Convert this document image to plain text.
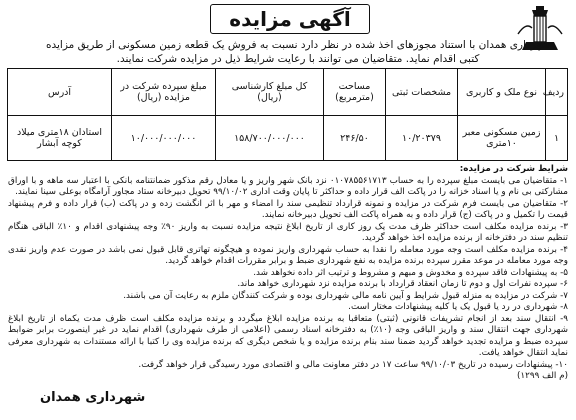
آگهی مزایده
شهرداری همدان با استناد مجوزهای اخذ شده در نظر دارد نسبت به فروش یک قطعه زمین مسکونی از طریق مزایده کتبی اقدام نماید. متقاضیان می توانند با رعایت شرایط ذیل در مزایده شرکت نمایند.
ردیف	نوع ملک و کاربری	مشخصات ثبتی	مساحت (مترمربع)	کل مبلغ کارشناسی (ریال)	مبلغ سپرده شرکت در مزایده (ریال)	آدرس
۱	زمین مسکونی معبر ۱۰متری	۱۰/۲۰۳۷۹	۲۴۶/۵۰	۱۵۸/۷۰۰/۰۰۰/۰۰۰	۱۰/۰۰۰/۰۰۰/۰۰۰	استادان ۱۸متری میلاد کوچه آبشار

شرایط شرکت در مزایده:

۱- متقاضیان می بایست مبلغ سپرده را به حساب ۰۱۰۷۸۵۵۶۱۷۱۳ نزد بانک شهر واریز و یا معادل رقم مذکور ضمانتنامه بانکی با اعتبار سه ماهه و با اوراق مشارکتی بی نام و یا اسناد خزانه را در پاکت الف قرار داده و حداکثر تا پایان وقت اداری ۹۹/۱۰/۰۲ تحویل دبیرخانه ستاد مجاور آرامگاه بوعلی سینا نمایند.

۲- متقاضیان می بایست فرم شرکت در مزایده و نمونه قرارداد تنظیمی سند را امضاء و مهر با اثر انگشت زده و در پاکت (ب) قرار داده و فرم پیشنهاد قیمت را تکمیل و در پاکت (ج) قرار داده و به همراه پاکت الف تحویل دبیرخانه نمایند.

۳- برنده مزایده مکلف است حداکثر ظرف مدت یک روز کاری از تاریخ ابلاغ نتیجه مزایده نسبت به واریز ۹۰٪ وجه پیشنهادی اقدام و ۱۰٪ الباقی هنگام تنظیم سند در دفترخانه از برنده مزایده اخذ خواهد گردید.

۴- برنده مزایده مکلف است وجه مورد معامله را نقدا به حساب شهرداری واریز نموده و هیچگونه تهاتری قابل قبول نمی باشد در صورت عدم واریز نقدی وجه مورد معامله در موعد مقرر سپرده برنده مزایده به نفع شهرداری ضبط و برابر مقررات اقدام خواهد گردید.

۵- به پیشنهادات فاقد سپرده و مخدوش و مبهم و مشروط و ترتیب اثر داده نخواهد شد.

۶- سپرده نفرات اول و دوم تا زمان انعقاد قرارداد با برنده مزایده نزد شهرداری خواهد ماند.

۷- شرکت در مزایده به منزله قبول شرایط و آیین نامه مالی شهرداری بوده و شرکت کنندگان ملزم به رعایت آن می باشند.

۸- شهرداری در رد یا قبول یک یا کلیه پیشنهادات مختار است.

۹- انتقال سند بعد از انجام تشریفات قانونی (ثبتی) متعاقبا به برنده مزایده ابلاغ میگردد و برنده مزایده مکلف است ظرف مدت یکماه از تاریخ ابلاغ شهرداری جهت انتقال سند و واریز الباقی وجه (۱۰٪) به دفترخانه اسناد رسمی (اعلامی از طرف شهرداری) اقدام نماید در غیر اینصورت برابر ضوابط سپرده ضبط و مزایده تجدید خواهد گردید ضمنا سند بنام برنده مزایده و یا شخص دیگری که برنده مزایده وی را کتبا با ارائه مستندات به شهرداری معرفی نماید انتقال خواهد یافت.

۱۰- پیشنهادات رسیده در تاریخ ۹۹/۱۰/۰۳ ساعت ۱۷ در دفتر معاونت مالی و اقتصادی مورد رسیدگی قرار خواهد گرفت.

(م الف ۱۲۹۹)

شهرداری همدان
